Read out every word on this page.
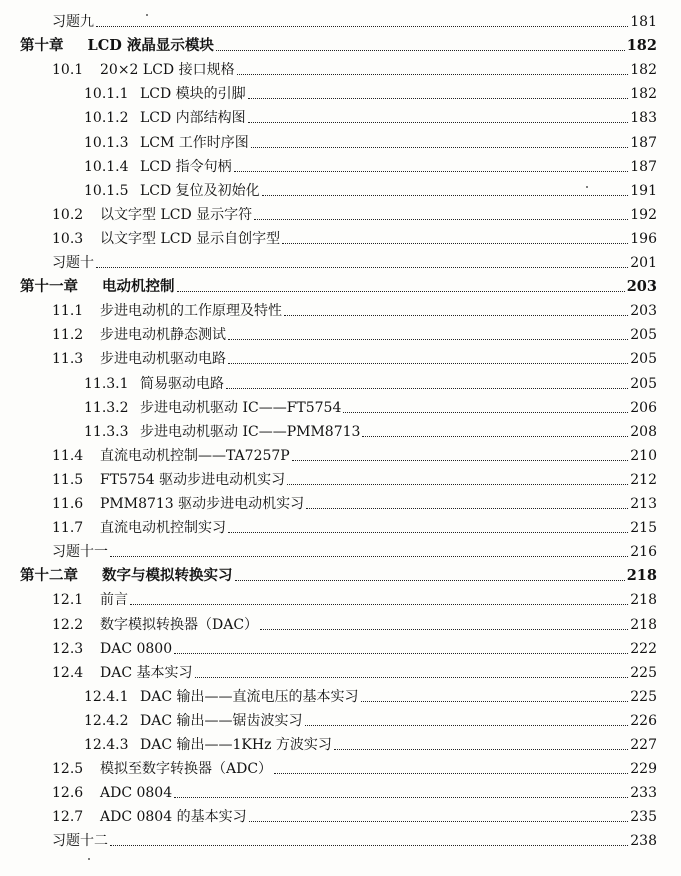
习题九	181
第十章 LCD 液晶显示模块	182
10.1	20×2 LCD 接口规格	182
10.1.1 LCD 模块的引脚	182
10.1.2 LCD 内部结构图	183
10.1.3 LCM 工作时序图	187
10.1.4 LCD 指令句柄	187
10.1.5 LCD 复位及初始化	191
10.2	以文字型 LCD 显示字符	192
10.3	以文字型 LCD 显示自创字型	196
习题十	201
第十一章 电动机控制	203
11.1	步进电动机的工作原理及特性	203
11.2	步进电动机静态测试	205
11.3	步进电动机驱动电路	205
11.3.1 简易驱动电路	205
11.3.2 步进电动机驱动 IC——FT5754	206
11.3.3 步进电动机驱动 IC——PMM8713	208
11.4	直流电动机控制——TA7257P	210
11.5	FT5754 驱动步进电动机实习	212
11.6	PMM8713 驱动步进电动机实习	213
11.7	直流电动机控制实习	215
习题十一	216
第十二章 数字与模拟转换实习	218
12.1	前言	218
12.2	数字模拟转换器（DAC）	218
12.3	DAC 0800	222
12.4	DAC 基本实习	225
12.4.1 DAC 输出——直流电压的基本实习	225
12.4.2 DAC 输出——锯齿波实习	226
12.4.3 DAC 输出——1KHz 方波实习	227
12.5	模拟至数字转换器（ADC）	229
12.6	ADC 0804	233
12.7	ADC 0804 的基本实习	235
习题十二	238
